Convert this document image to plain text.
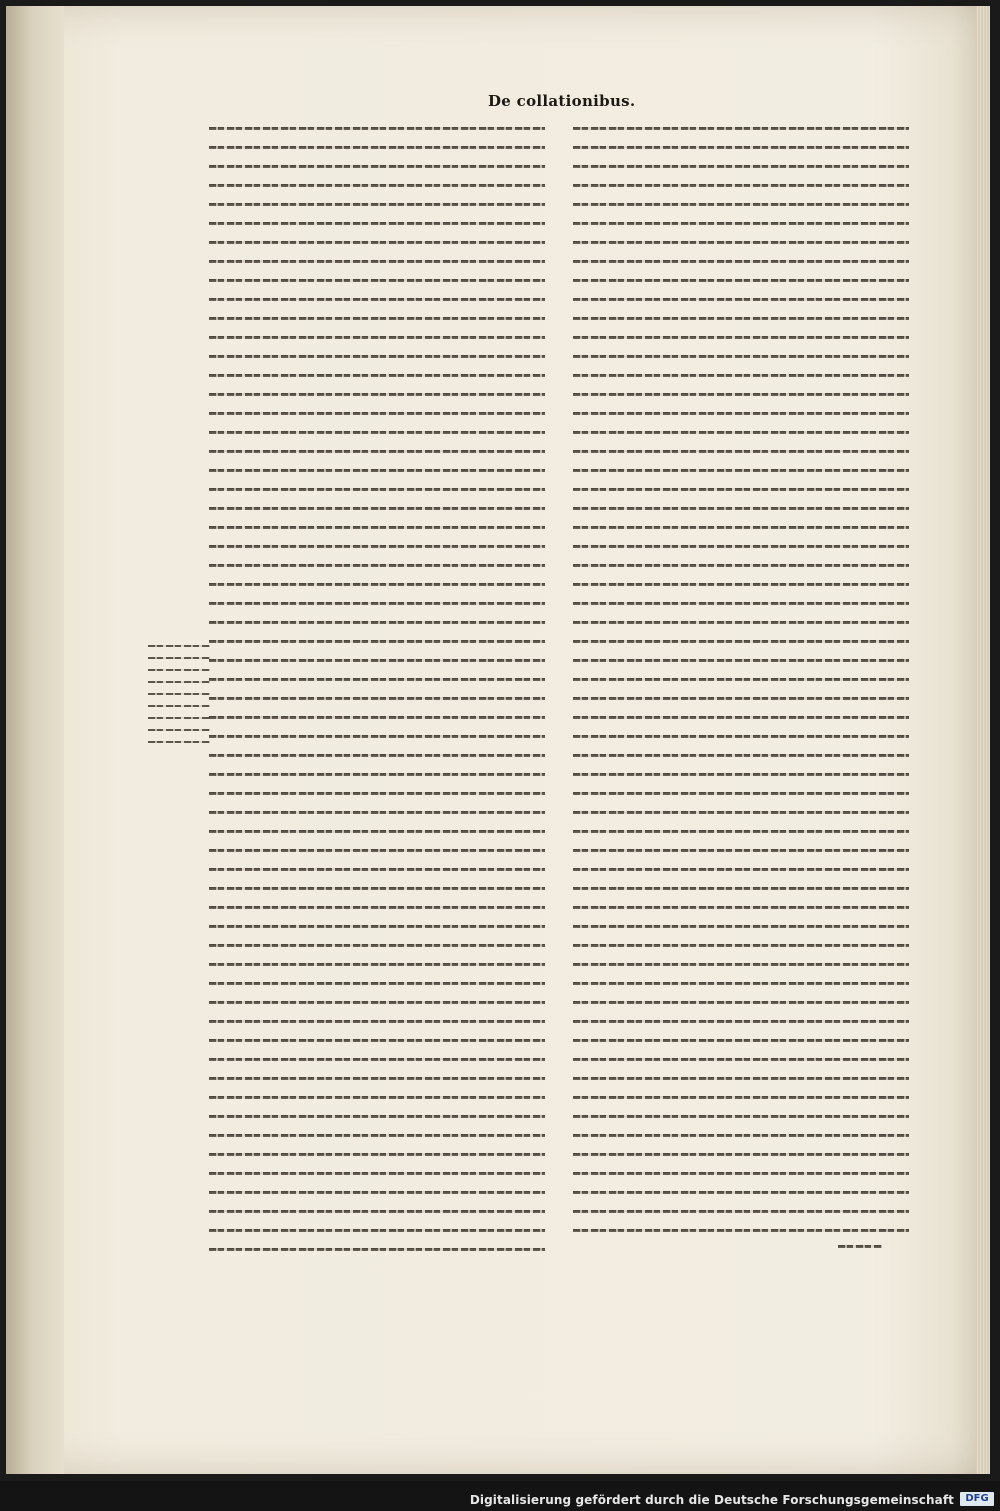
De collationibus.
Digitalisierung gefördert durch die Deutsche Forschungsgemeinschaft	DFG
